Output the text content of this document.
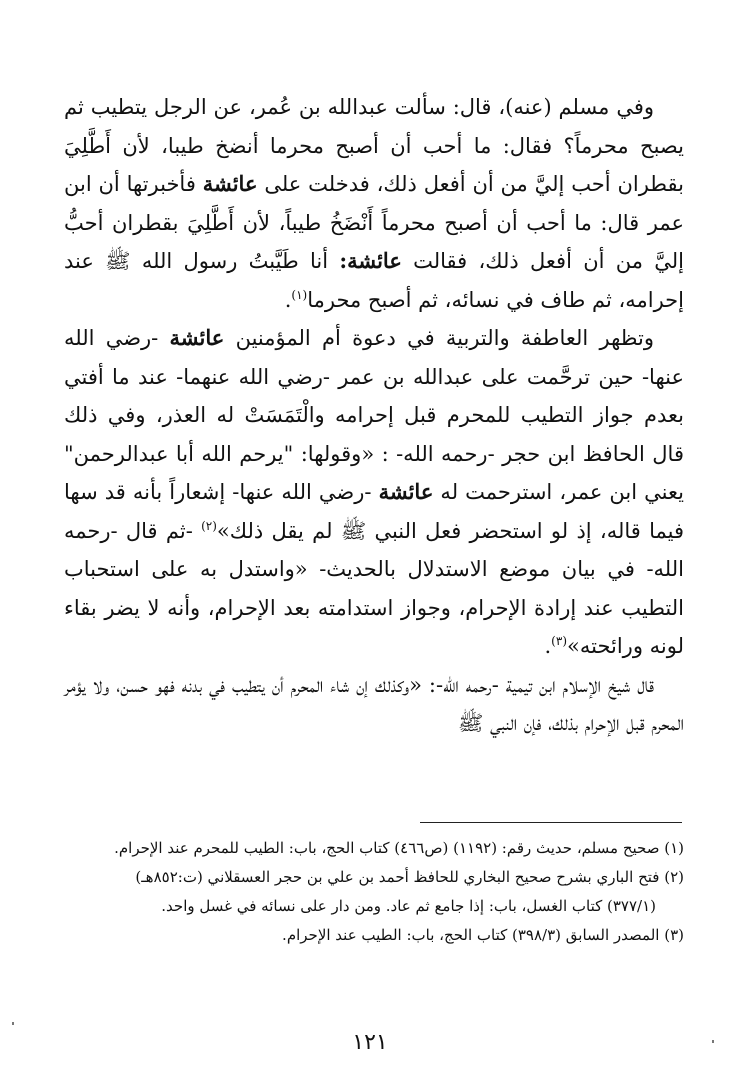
وفي مسلم (عنه)، قال: سألت عبدالله بن عُمر، عن الرجل يتطيب ثم يصبح محرماً؟ فقال: ما أحب أن أصبح محرما أنضخ طيبا، لأن أَطَّلِيَ بقطران أحب إليَّ من أن أفعل ذلك، فدخلت على عائشة فأخبرتها أن ابن عمر قال: ما أحب أن أصبح محرماً أَنْضَخُ طيباً، لأن أَطَّلِيَ بقطران أحبُّ إليَّ من أن أفعل ذلك، فقالت عائشة: أنا طَيَّبتُ رسول الله ﷺ عند إحرامه، ثم طاف في نسائه، ثم أصبح محرما$^{(١)}$.

وتظهر العاطفة والتربية في دعوة أم المؤمنين عائشة -رضي الله عنها- حين ترحَّمت على عبدالله بن عمر -رضي الله عنهما- عند ما أفتي بعدم جواز التطيب للمحرم قبل إحرامه والْتَمَسَتْ له العذر، وفي ذلك قال الحافظ ابن حجر -رحمه الله- : «وقولها: "يرحم الله أبا عبدالرحمن" يعني ابن عمر، استرحمت له عائشة -رضي الله عنها- إشعاراً بأنه قد سها فيما قاله، إذ لو استحضر فعل النبي ﷺ لم يقل ذلك»$^{(٢)}$ -ثم قال -رحمه الله- في بيان موضع الاستدلال بالحديث- «واستدل به على استحباب التطيب عند إرادة الإحرام، وجواز استدامته بعد الإحرام، وأنه لا يضر بقاء لونه ورائحته»$^{(٣)}$.

قال شيخ الإسلام ابن تيمية -رحمه الله-: «وكذلك إن شاء المحرم أن يتطيب في بدنه فهو حسن، ولا يؤمر المحرم قبل الإحرام بذلك، فإن النبي ﷺ

(١) صحيح مسلم، حديث رقم: (١١٩٢) (ص٤٦٦) كتاب الحج، باب: الطيب للمحرم عند الإحرام.

(٢) فتح الباري بشرح صحيح البخاري للحافظ أحمد بن علي بن حجر العسقلاني (ت:٨٥٢هـ)

(٣٧٧/١) كتاب الغسل، باب: إذا جامع ثم عاد. ومن دار على نسائه في غسل واحد.

(٣) المصدر السابق (٣٩٨/٣) كتاب الحج، باب: الطيب عند الإحرام.

١٢١
